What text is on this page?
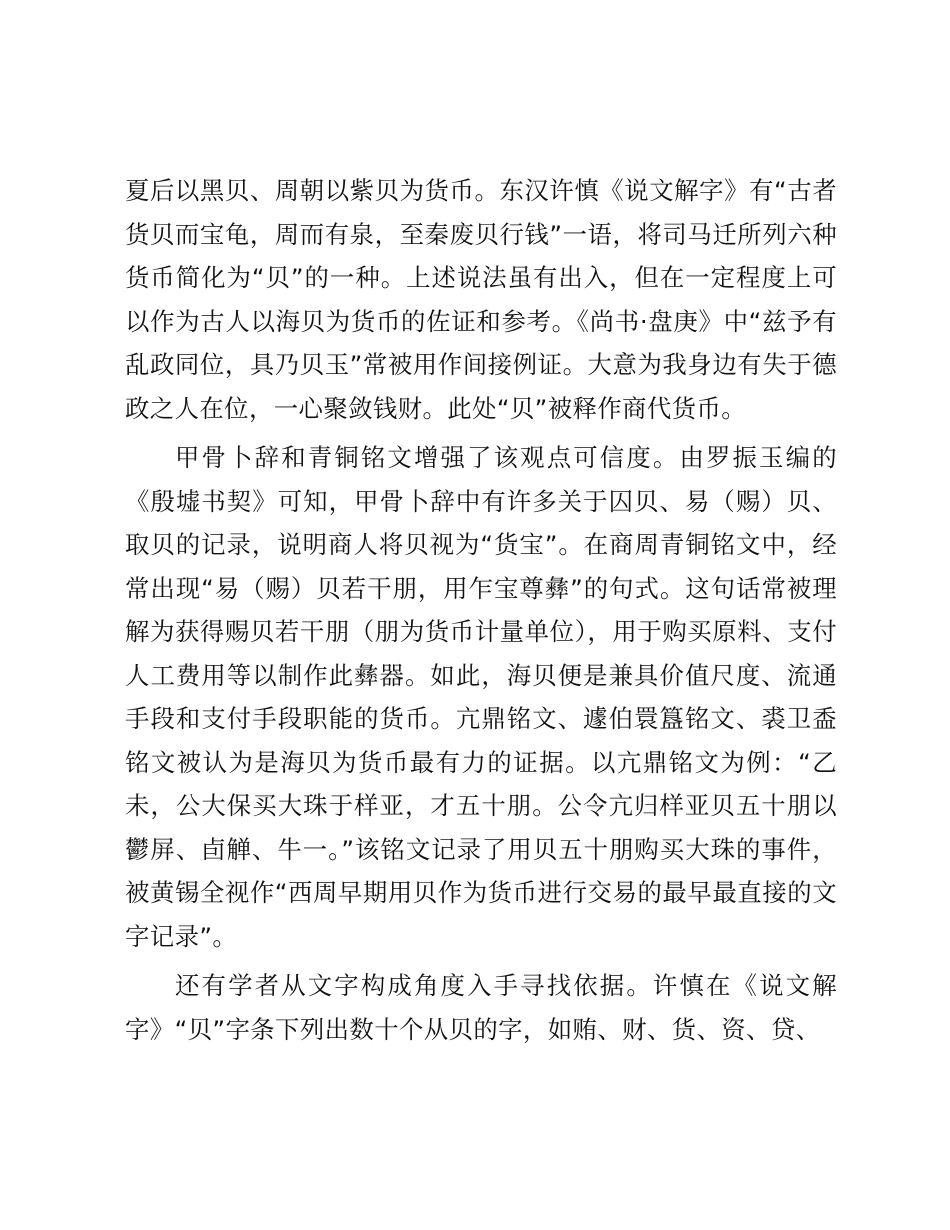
夏后以黑贝、周朝以紫贝为货币。东汉许慎《说文解字》有“古者货贝而宝龟，周而有泉，至秦废贝行钱”一语，将司马迁所列六种货币简化为“贝”的一种。上述说法虽有出入，但在一定程度上可以作为古人以海贝为货币的佐证和参考。《尚书·盘庚》中“兹予有乱政同位，具乃贝玉”常被用作间接例证。大意为我身边有失于德政之人在位，一心聚敛钱财。此处“贝”被释作商代货币。

甲骨卜辞和青铜铭文增强了该观点可信度。由罗振玉编的《殷墟书契》可知，甲骨卜辞中有许多关于囚贝、易（赐）贝、取贝的记录，说明商人将贝视为“货宝”。在商周青铜铭文中，经常出现“易（赐）贝若干朋，用乍宝尊彝”的句式。这句话常被理解为获得赐贝若干朋（朋为货币计量单位），用于购买原料、支付人工费用等以制作此彝器。如此，海贝便是兼具价值尺度、流通手段和支付手段职能的货币。亢鼎铭文、遽伯睘簋铭文、裘卫盉铭文被认为是海贝为货币最有力的证据。以亢鼎铭文为例：“乙未，公大保买大珠于样亚，才五十朋。公令亢归样亚贝五十朋以鬱屏、卣觯、牛一。”该铭文记录了用贝五十朋购买大珠的事件，被黄锡全视作“西周早期用贝作为货币进行交易的最早最直接的文字记录”。

还有学者从文字构成角度入手寻找依据。许慎在《说文解字》“贝”字条下列出数十个从贝的字，如贿、财、货、资、贷、
